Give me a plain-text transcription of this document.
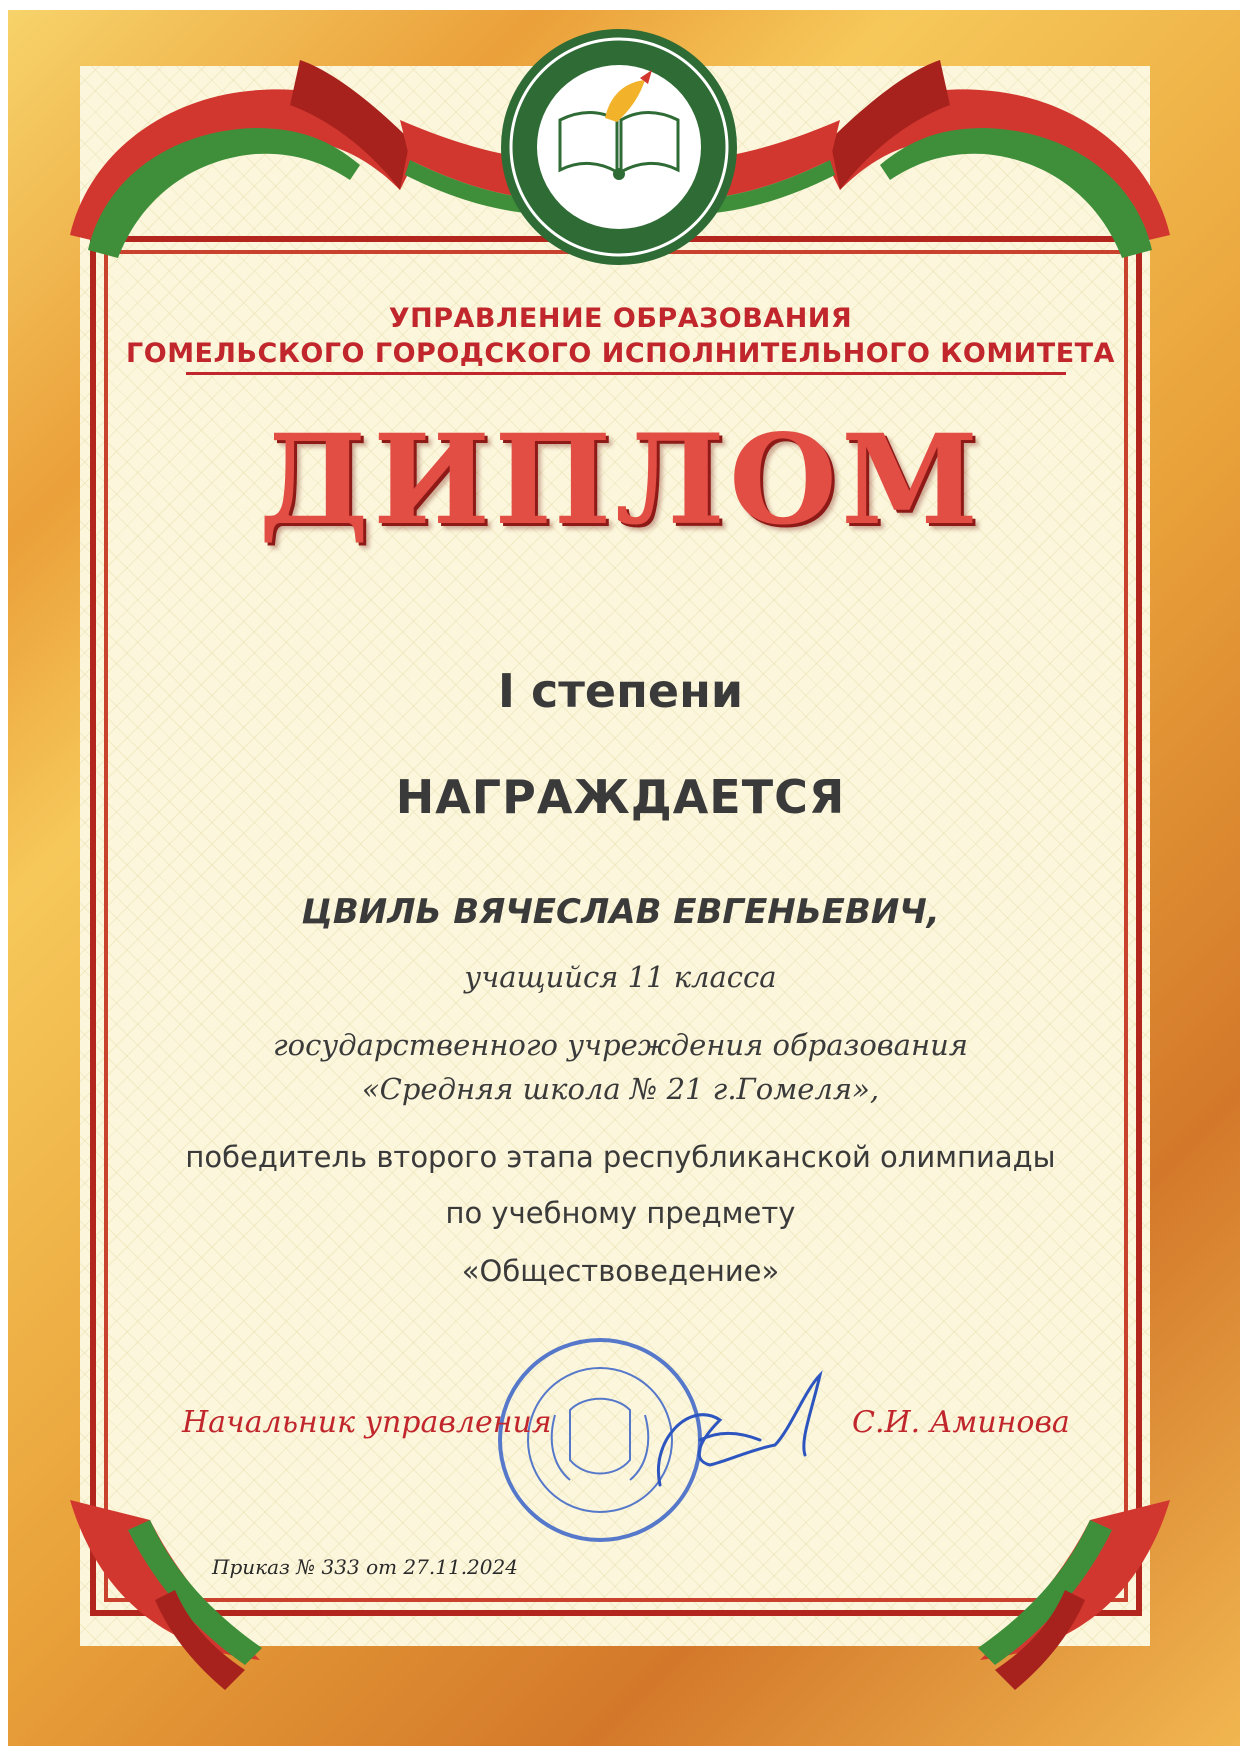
УПРАВЛЕНИЕ ОБРАЗОВАНИЯ
ГОМЕЛЬСКОГО ГОРОДСКОГО ИСПОЛНИТЕЛЬНОГО КОМИТЕТА
ДИПЛОМ
I степени
НАГРАЖДАЕТСЯ
ЦВИЛЬ ВЯЧЕСЛАВ ЕВГЕНЬЕВИЧ,
учащийся 11 класса
государственного учреждения образования
«Средняя школа № 21 г.Гомеля»,
победитель второго этапа республиканской олимпиады
по учебному предмету
«Обществоведение»
Начальник управления	С.И. Аминова
Приказ № 333 от 27.11.2024
